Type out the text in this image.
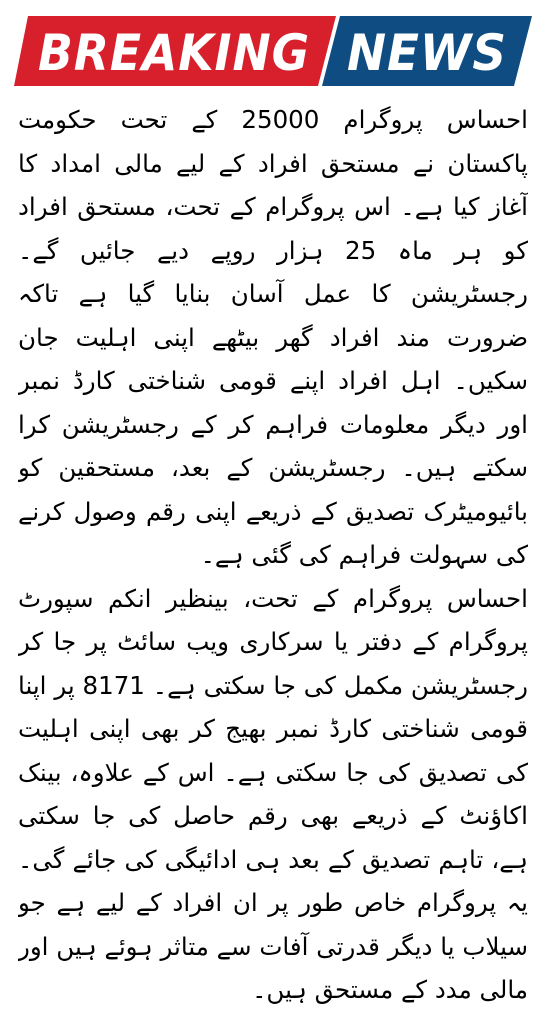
BREAKING NEWS

احساس پروگرام 25000 کے تحت حکومت پاکستان نے مستحق افراد کے لیے مالی امداد کا آغاز کیا ہے۔ اس پروگرام کے تحت، مستحق افراد کو ہر ماہ 25 ہزار روپے دیے جائیں گے۔ رجسٹریشن کا عمل آسان بنایا گیا ہے تاکہ ضرورت مند افراد گھر بیٹھے اپنی اہلیت جان سکیں۔ اہل افراد اپنے قومی شناختی کارڈ نمبر اور دیگر معلومات فراہم کر کے رجسٹریشن کرا سکتے ہیں۔ رجسٹریشن کے بعد، مستحقین کو بائیومیٹرک تصدیق کے ذریعے اپنی رقم وصول کرنے کی سہولت فراہم کی گئی ہے۔

احساس پروگرام کے تحت، بینظیر انکم سپورٹ پروگرام کے دفتر یا سرکاری ویب سائٹ پر جا کر رجسٹریشن مکمل کی جا سکتی ہے۔ 8171 پر اپنا قومی شناختی کارڈ نمبر بھیج کر بھی اپنی اہلیت کی تصدیق کی جا سکتی ہے۔ اس کے علاوہ، بینک اکاؤنٹ کے ذریعے بھی رقم حاصل کی جا سکتی ہے، تاہم تصدیق کے بعد ہی ادائیگی کی جائے گی۔ یہ پروگرام خاص طور پر ان افراد کے لیے ہے جو سیلاب یا دیگر قدرتی آفات سے متاثر ہوئے ہیں اور مالی مدد کے مستحق ہیں۔
